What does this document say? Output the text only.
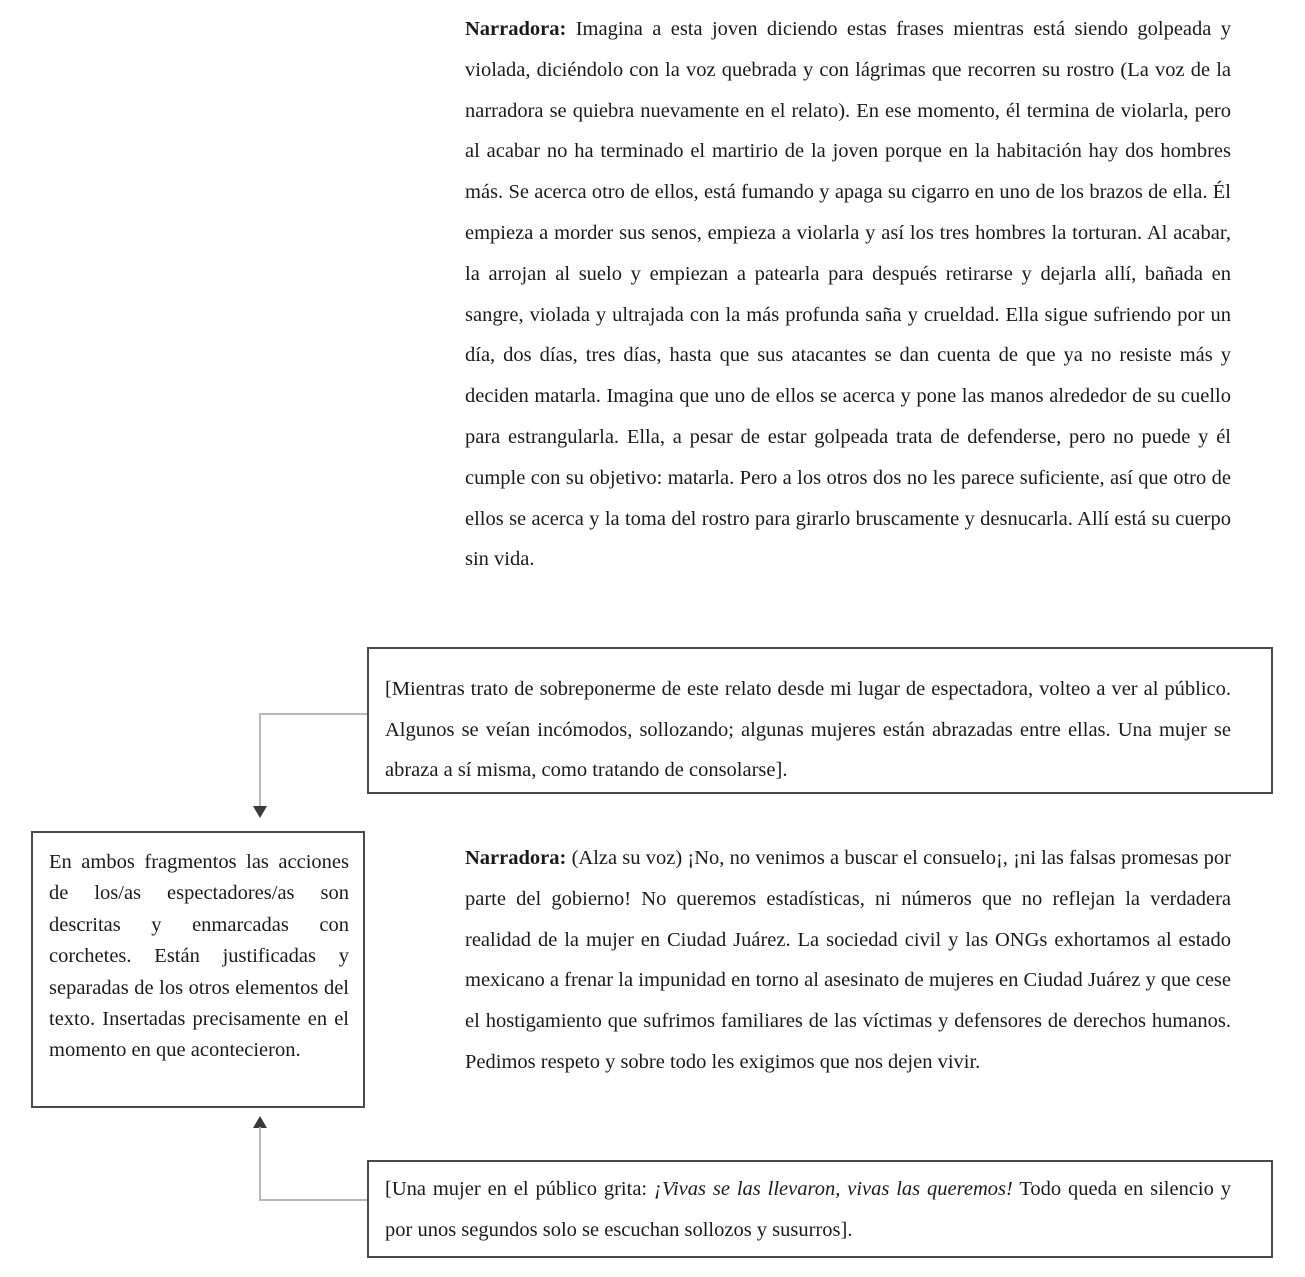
Narradora: Imagina a esta joven diciendo estas frases mientras está siendo golpeada y violada, diciéndolo con la voz quebrada y con lágrimas que recorren su rostro (La voz de la narradora se quiebra nuevamente en el relato). En ese momento, él termina de violarla, pero al acabar no ha terminado el martirio de la joven porque en la habitación hay dos hombres más. Se acerca otro de ellos, está fumando y apaga su cigarro en uno de los brazos de ella. Él empieza a morder sus senos, empieza a violarla y así los tres hombres la torturan. Al acabar, la arrojan al suelo y empiezan a patearla para después retirarse y dejarla allí, bañada en sangre, violada y ultrajada con la más profunda saña y crueldad. Ella sigue sufriendo por un día, dos días, tres días, hasta que sus atacantes se dan cuenta de que ya no resiste más y deciden matarla. Imagina que uno de ellos se acerca y pone las manos alrededor de su cuello para estrangularla. Ella, a pesar de estar golpeada trata de defenderse, pero no puede y él cumple con su objetivo: matarla. Pero a los otros dos no les parece suficiente, así que otro de ellos se acerca y la toma del rostro para girarlo bruscamente y desnucarla. Allí está su cuerpo sin vida.
[Mientras trato de sobreponerme de este relato desde mi lugar de espectadora, volteo a ver al público. Algunos se veían incómodos, sollozando; algunas mujeres están abrazadas entre ellas. Una mujer se abraza a sí misma, como tratando de consolarse].
En ambos fragmentos las acciones de los/as espectadores/as son descritas y enmarcadas con corchetes. Están justificadas y separadas de los otros elementos del texto. Insertadas precisamente en el momento en que acontecieron.
Narradora: (Alza su voz) ¡No, no venimos a buscar el consuelo¡, ¡ni las falsas promesas por parte del gobierno! No queremos estadísticas, ni números que no reflejan la verdadera realidad de la mujer en Ciudad Juárez. La sociedad civil y las ONGs exhortamos al estado mexicano a frenar la impunidad en torno al asesinato de mujeres en Ciudad Juárez y que cese el hostigamiento que sufrimos familiares de las víctimas y defensores de derechos humanos. Pedimos respeto y sobre todo les exigimos que nos dejen vivir.
[Una mujer en el público grita: ¡Vivas se las llevaron, vivas las queremos! Todo queda en silencio y por unos segundos solo se escuchan sollozos y susurros].
